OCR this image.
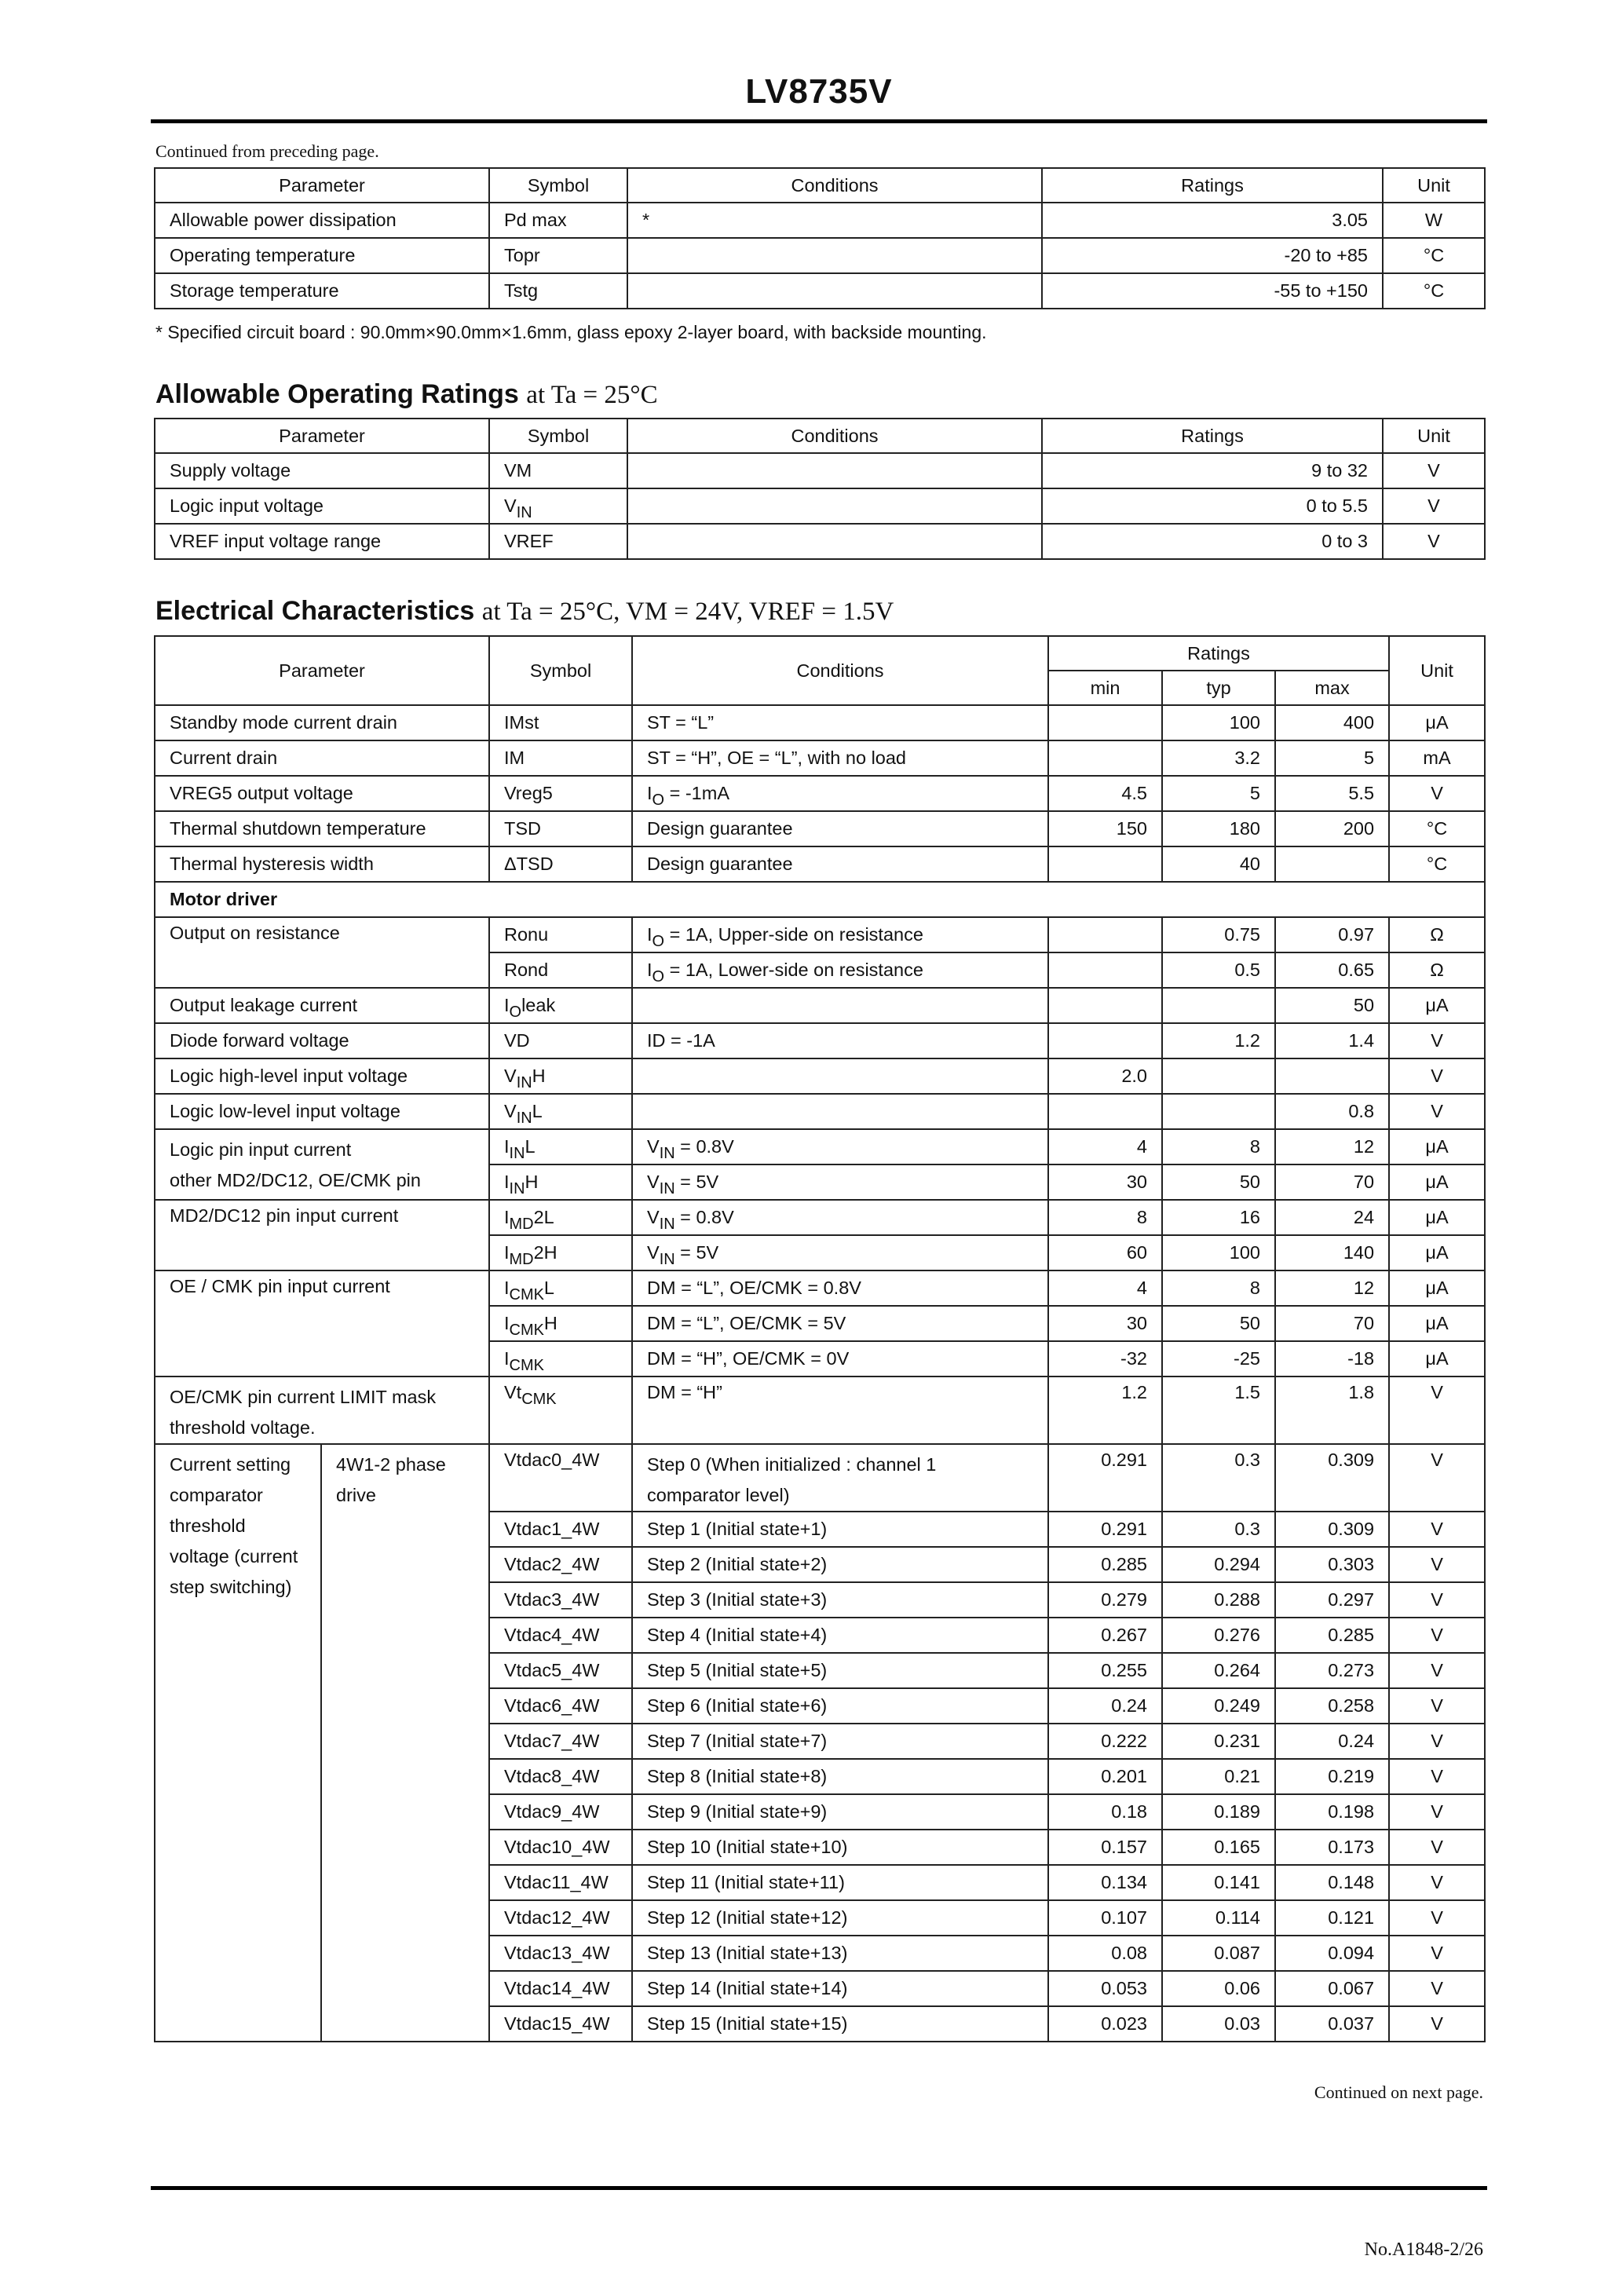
LV8735V
Continued from preceding page.
Parameter	Symbol	Conditions	Ratings	Unit
Allowable power dissipation	Pd max	*	3.05	W
Operating temperature	Topr		-20 to +85	°C
Storage temperature	Tstg		-55 to +150	°C
* Specified circuit board : 90.0mm×90.0mm×1.6mm, glass epoxy 2-layer board, with backside mounting.
Allowable Operating Ratings at Ta = 25°C
Parameter	Symbol	Conditions	Ratings	Unit
Supply voltage	VM		9 to 32	V
Logic input voltage	$V_{IN}$		0 to 5.5	V
VREF input voltage range	VREF		0 to 3	V
Electrical Characteristics at Ta = 25°C, VM = 24V, VREF = 1.5V
Parameter		Symbol	Conditions	Ratings			Unit
				min	typ	max	
Standby mode current drain		IMst	ST = “L”		100	400	μA
Current drain		IM	ST = “H”, OE = “L”, with no load		3.2	5	mA
VREG5 output voltage		Vreg5	$I_O = -1mA$	4.5	5	5.5	V
Thermal shutdown temperature		TSD	Design guarantee	150	180	200	°C
Thermal hysteresis width		ΔTSD	Design guarantee		40		°C
Motor driver							
Output on resistance		Ronu	$I_O = 1A$, Upper-side on resistance		0.75	0.97	Ω
		Rond	$I_O = 1A$, Lower-side on resistance		0.5	0.65	Ω
Output leakage current		$I_Oleak$				50	μA
Diode forward voltage		VD	ID = -1A		1.2	1.4	V
Logic high-level input voltage		$V_{IN}H$		2.0			V
Logic low-level input voltage		$V_{IN}L$				0.8	V
Logic pin input current
other MD2/DC12, OE/CMK pin		$I_{IN}L$	$V_{IN} = 0.8V$	4	8	12	μA
		$I_{IN}H$	$V_{IN} = 5V$	30	50	70	μA
MD2/DC12 pin input current		$I_{MD}2L$	$V_{IN} = 0.8V$	8	16	24	μA
		$I_{MD}2H$	$V_{IN} = 5V$	60	100	140	μA
OE / CMK pin input current		$I_{CMK}L$	DM = “L”, OE/CMK = 0.8V	4	8	12	μA
		$I_{CMK}H$	DM = “L”, OE/CMK = 5V	30	50	70	μA
		$I_{CMK}$	DM = “H”, OE/CMK = 0V	-32	-25	-18	μA
OE/CMK pin current LIMIT mask
threshold voltage.		$Vt_{CMK}$	DM = “H”	1.2	1.5	1.8	V
Current setting comparator threshold voltage (current step switching)	4W1-2 phase drive	Vtdac0_4W	Step 0 (When initialized : channel 1 comparator level)	0.291	0.3	0.309	V
		Vtdac1_4W	Step 1 (Initial state+1)	0.291	0.3	0.309	V
		Vtdac2_4W	Step 2 (Initial state+2)	0.285	0.294	0.303	V
		Vtdac3_4W	Step 3 (Initial state+3)	0.279	0.288	0.297	V
		Vtdac4_4W	Step 4 (Initial state+4)	0.267	0.276	0.285	V
		Vtdac5_4W	Step 5 (Initial state+5)	0.255	0.264	0.273	V
		Vtdac6_4W	Step 6 (Initial state+6)	0.24	0.249	0.258	V
		Vtdac7_4W	Step 7 (Initial state+7)	0.222	0.231	0.24	V
		Vtdac8_4W	Step 8 (Initial state+8)	0.201	0.21	0.219	V
		Vtdac9_4W	Step 9 (Initial state+9)	0.18	0.189	0.198	V
		Vtdac10_4W	Step 10 (Initial state+10)	0.157	0.165	0.173	V
		Vtdac11_4W	Step 11 (Initial state+11)	0.134	0.141	0.148	V
		Vtdac12_4W	Step 12 (Initial state+12)	0.107	0.114	0.121	V
		Vtdac13_4W	Step 13 (Initial state+13)	0.08	0.087	0.094	V
		Vtdac14_4W	Step 14 (Initial state+14)	0.053	0.06	0.067	V
		Vtdac15_4W	Step 15 (Initial state+15)	0.023	0.03	0.037	V
Continued on next page.
No.A1848-2/26
